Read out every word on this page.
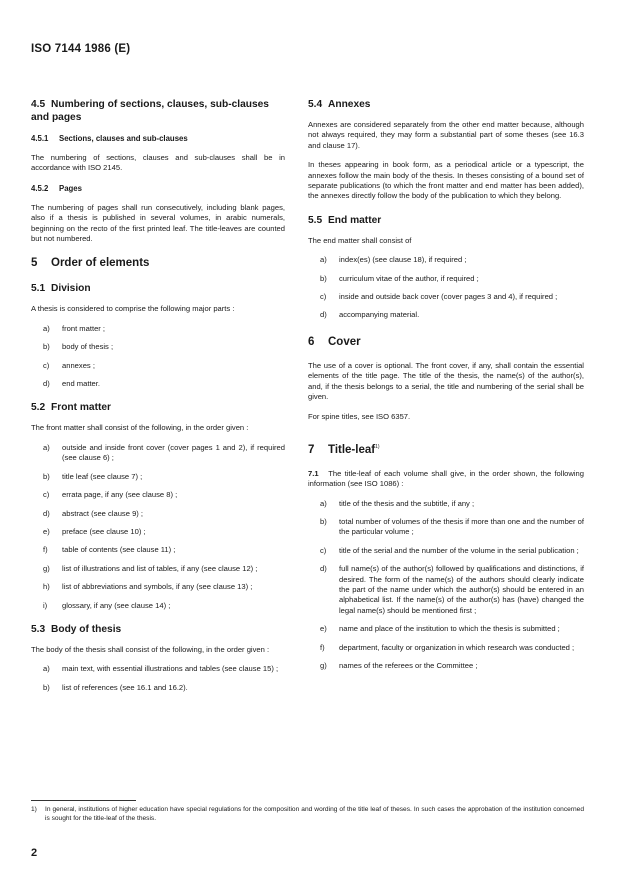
ISO 7144 1986 (E)
4.5 Numbering of sections, clauses, sub-clauses and pages
4.5.1 Sections, clauses and sub-clauses

The numbering of sections, clauses and sub-clauses shall be in accordance with ISO 2145.

4.5.2 Pages

The numbering of pages shall run consecutively, including blank pages, also if a thesis is published in several volumes, in arabic numerals, beginning on the recto of the first printed leaf. The title-leaves are counted but not numbered.

5 Order of elements
5.1 Division

A thesis is considered to comprise the following major parts :

a)	front matter ;
b)	body of thesis ;
c)	annexes ;
d)	end matter.
5.2 Front matter

The front matter shall consist of the following, in the order given :

a)	outside and inside front cover (cover pages 1 and 2), if required (see clause 6) ;
b)	title leaf (see clause 7) ;
c)	errata page, if any (see clause 8) ;
d)	abstract (see clause 9) ;
e)	preface (see clause 10) ;
f)	table of contents (see clause 11) ;
g)	list of illustrations and list of tables, if any (see clause 12) ;
h)	list of abbreviations and symbols, if any (see clause 13) ;
i)	glossary, if any (see clause 14) ;
5.3 Body of thesis

The body of the thesis shall consist of the following, in the order given :

a)	main text, with essential illustrations and tables (see clause 15) ;
b)	list of references (see 16.1 and 16.2).
5.4 Annexes

Annexes are considered separately from the other end matter because, although not always required, they may form a substantial part of some theses (see 16.3 and clause 17).

In theses appearing in book form, as a periodical article or a typescript, the annexes follow the main body of the thesis. In theses consisting of a bound set of separate publications (to which the front matter and end matter has been added), the annexes directly follow the body of the publication to which they belong.

5.5 End matter

The end matter shall consist of

a)	index(es) (see clause 18), if required ;
b)	curriculum vitae of the author, if required ;
c)	inside and outside back cover (cover pages 3 and 4), if required ;
d)	accompanying material.
6 Cover

The use of a cover is optional. The front cover, if any, shall contain the essential elements of the title page. The title of the thesis, the name(s) of the author(s), and, if the thesis belongs to a serial, the title and numbering of the serial shall be given.

For spine titles, see ISO 6357.

7 Title-leaf$^{1)}$

7.1 The title-leaf of each volume shall give, in the order shown, the following information (see ISO 1086) :

a)	title of the thesis and the subtitle, if any ;
b)	total number of volumes of the thesis if more than one and the number of the particular volume ;
c)	title of the serial and the number of the volume in the serial publication ;
d)	full name(s) of the author(s) followed by qualifications and distinctions, if desired. The form of the name(s) of the authors should clearly indicate the part of the name under which the author(s) should be entered in an alphabetical list. If the name(s) of the author(s) has (have) changed the legal name(s) should be mentioned first ;
e)	name and place of the institution to which the thesis is submitted ;
f)	department, faculty or organization in which research was conducted ;
g)	names of the referees or the Committee ;
1)	In general, institutions of higher education have special regulations for the composition and wording of the title leaf of theses. In such cases the approbation of the institution concerned is sought for the title-leaf of the thesis.
2
